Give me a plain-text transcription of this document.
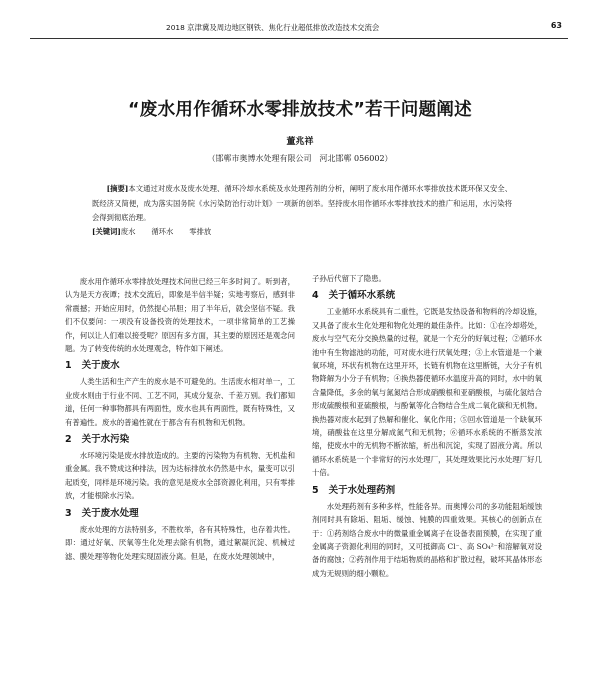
2018 京津冀及周边地区钢铁、焦化行业超低排放改造技术交流会	63
“废水用作循环水零排放技术”若干问题阐述
董兆祥
（邯郸市奥博水处理有限公司　河北邯郸 056002）
[摘要]本文通过对废水及废水处理、循环冷却水系统及水处理药剂的分析，阐明了废水用作循环水零排放技术既环保又安全、既经济又简便，成为落实国务院《水污染防治行动计划》一项新的创举。坚持废水用作循环水零排放技术的推广和运用，水污染将会得到彻底治理。
[关键词]废水 循环水 零排放

废水用作循环水零排放处理技术问世已经三年多时间了。听到者，认为是天方夜谭；技术交流后，即象是半信半疑；实地考察后，感到非常震撼；开始应用时，仍然提心吊胆；用了半年后，就会坚信不疑。我们不仅要问：一项没有设备投资的处理技术，一项非常简单的工艺操作，何以让人们难以接受呢？原因有多方面，其主要的原因还是观念问题。为了转变传统的水处理观念，特作如下阐述。

1 关于废水

人类生活和生产产生的废水是不可避免的。生活废水相对单一，工业废水则由于行业不同、工艺不同，其成分复杂、千差万别。我们都知道，任何一种事物都具有两面性，废水也具有两面性，既有特殊性，又有普遍性。废水的普遍性就在于都含有有机物和无机物。

2 关于水污染

水环境污染是废水排放造成的。主要的污染物为有机物、无机盐和重金属。我不赞成这种排法，因为达标排放水仍然是中水，量变可以引起质变，同样是环境污染。我的意见是废水全部资源化利用，只有零排放，才能根除水污染。

3 关于废水处理

废水处理的方法特别多，不胜枚举，各有其特殊性，也存着共性。即：通过好氧、厌氧等生化处理去除有机物，通过絮凝沉淀、机械过滤、膜处理等物化处理实现固液分离。但是，在废水处理领域中，

子孙后代留下了隐患。

4 关于循环水系统

工业循环水系统具有二重性，它既是发热设备和物料的冷却设施，又具备了废水生化处理和物化处理的最佳条件。比如：①在冷却塔处，废水与空气充分交换热量的过程，就是一个充分的好氧过程；②循环水池中有生物滤池的功能，可对废水进行厌氧处理；③上水管道是一个兼氧环境，环状有机物在这里开环，长链有机物在这里断链，大分子有机物降解为小分子有机物；④换热器使循环水温度升高的同时，水中的氧含量降低，多余的氧与氮氮结合形成硝酸根和亚硝酸根，与硫化氢结合形成硫酸根和亚硫酸根，与酚氰等化合物结合生成二氧化碳和无机物。换热器对废水起到了热解和催化、氧化作用；⑤回水管道是一个缺氧环境，硝酸盐在这里分解成氮气和无机物；⑥循环水系统的不断蒸发浓缩，使废水中的无机物不断浓缩，析出和沉淀，实现了固液分离。所以循环水系统是一个非常好的污水处理厂，其处理效果比污水处理厂好几十倍。

5 关于水处理药剂

水处理药剂有多种多样，性能各异。而奥博公司的多功能阻垢缓蚀剂同时具有除垢、阻垢、缓蚀、钝膜的四重效果。其核心的创新点在于：①药剂络合废水中的微量重金属离子在设备表面预膜，在实现了重金属离子资源化利用的同时，又可抵御高 Cl⁻、高 SO₄²⁻和溶解氧对设备的腐蚀；②药剂作用于结垢物质的晶格和扩散过程，破坏其晶体形态成为无规则的细小颗粒。
